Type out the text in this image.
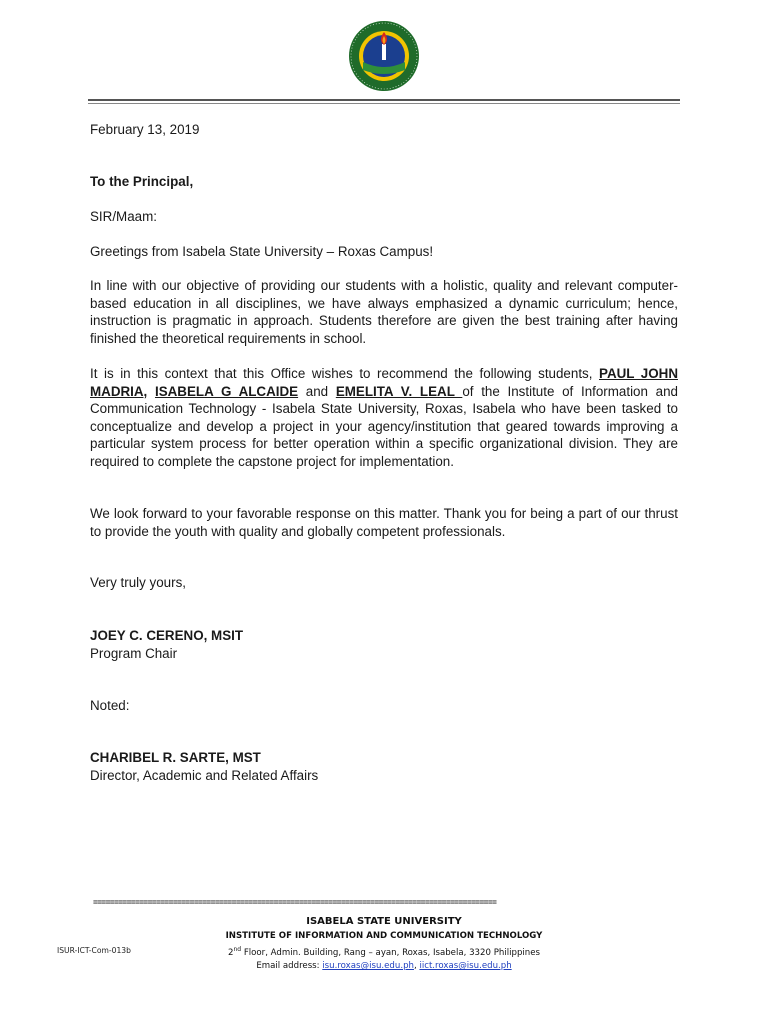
February 13, 2019
To the Principal,
SIR/Maam:
Greetings from Isabela State University – Roxas Campus!
In line with our objective of providing our students with a holistic, quality and relevant computer-based education in all disciplines, we have always emphasized a dynamic curriculum; hence, instruction is pragmatic in approach. Students therefore are given the best training after having finished the theoretical requirements in school.
It is in this context that this Office wishes to recommend the following students, PAUL JOHN MADRIA, ISABELA G ALCAIDE and EMELITA V. LEAL of the Institute of Information and Communication Technology - Isabela State University, Roxas, Isabela who have been tasked to conceptualize and develop a project in your agency/institution that geared towards improving a particular system process for better operation within a specific organizational division. They are required to complete the capstone project for implementation.
We look forward to your favorable response on this matter. Thank you for being a part of our thrust to provide the youth with quality and globally competent professionals.
Very truly yours,
JOEY C. CERENO, MSIT
Program Chair
Noted:
CHARIBEL R. SARTE, MST
Director, Academic and Related Affairs
================================================================================================
ISABELA STATE UNIVERSITY
INSTITUTE OF INFORMATION AND COMMUNICATION TECHNOLOGY
2nd Floor, Admin. Building, Rang – ayan, Roxas, Isabela, 3320 Philippines
Email address: isu.roxas@isu.edu.ph, iict.roxas@isu.edu.ph
ISUR-ICT-Com-013b
